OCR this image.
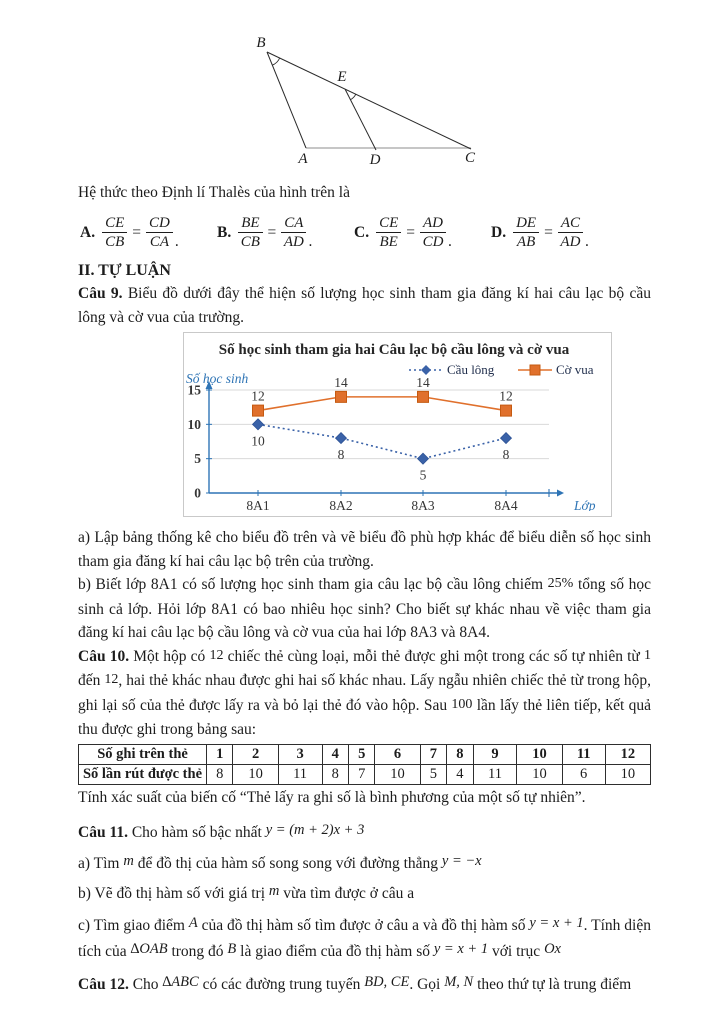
B
E
A	D	C

Hệ thức theo Định lí Thalès của hình trên là

A. $\frac{CE}{CB} = \frac{CD}{CA}$ .
B. $\frac{BE}{CB} = \frac{CA}{AD}$ .
C. $\frac{CE}{BE} = \frac{AD}{CD}$ .
D. $\frac{DE}{AB} = \frac{AC}{AD}$ .

II. TỰ LUẬN

Câu 9. Biểu đồ dưới đây thể hiện số lượng học sinh tham gia đăng kí hai câu lạc bộ cầu lông và cờ vua của trường.

0
5
10
15
8A1	8A2	8A3	8A4
10
8
5
8
12
14	14
12
Số học sinh tham gia hai Câu lạc bộ cầu lông và cờ vua
Cầu lông	Cờ vua
Số học sinh
Lớp

a) Lập bảng thống kê cho biểu đồ trên và vẽ biểu đồ phù hợp khác để biểu diễn số học sinh tham gia đăng kí hai câu lạc bộ trên của trường.

b) Biết lớp 8A1 có số lượng học sinh tham gia câu lạc bộ cầu lông chiếm 25% tổng số học sinh cả lớp. Hỏi lớp 8A1 có bao nhiêu học sinh? Cho biết sự khác nhau về việc tham gia đăng kí hai câu lạc bộ cầu lông và cờ vua của hai lớp 8A3 và 8A4.

Câu 10. Một hộp có 12 chiếc thẻ cùng loại, mỗi thẻ được ghi một trong các số tự nhiên từ 1 đến 12, hai thẻ khác nhau được ghi hai số khác nhau. Lấy ngẫu nhiên chiếc thẻ từ trong hộp, ghi lại số của thẻ được lấy ra và bỏ lại thẻ đó vào hộp. Sau 100 lần lấy thẻ liên tiếp, kết quả thu được ghi trong bảng sau:

Số ghi trên thẻ	1	2	3	4	5	6	7	8	9	10	11	12
Số lần rút được thẻ	8	10	11	8	7	10	5	4	11	10	6	10

Tính xác suất của biến cố “Thẻ lấy ra ghi số là bình phương của một số tự nhiên”.

Câu 11. Cho hàm số bậc nhất y = (m + 2)x + 3

a) Tìm m để đồ thị của hàm số song song với đường thẳng y = −x

b) Vẽ đồ thị hàm số với giá trị m vừa tìm được ở câu a

c) Tìm giao điểm A của đồ thị hàm số tìm được ở câu a và đồ thị hàm số y = x + 1. Tính diện tích của ∆OAB trong đó B là giao điểm của đồ thị hàm số y = x + 1 với trục Ox

Câu 12. Cho ∆ABC có các đường trung tuyến BD, CE. Gọi M, N theo thứ tự là trung điểm
